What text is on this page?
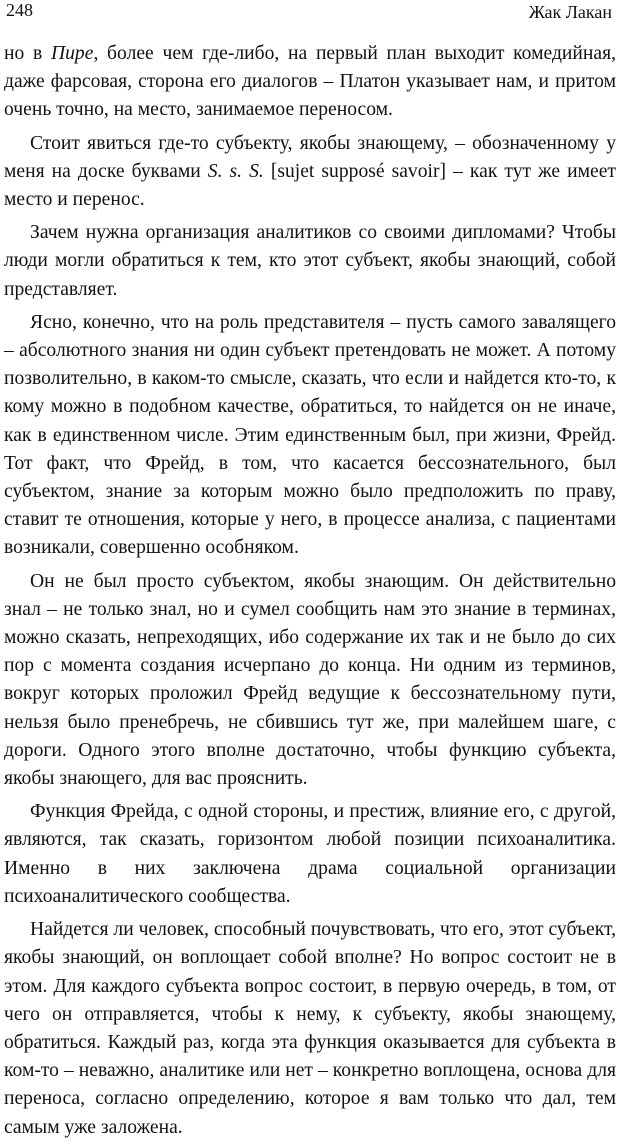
248	Жак Лакан

но в Пире, более чем где-либо, на первый план выходит комедийная, даже фарсовая, сторона его диалогов – Платон указывает нам, и притом очень точно, на место, занимаемое переносом.

Стоит явиться где-то субъекту, якобы знающему, – обозначенному у меня на доске буквами S. s. S. [sujet supposé savoir] – как тут же имеет место и перенос.

Зачем нужна организация аналитиков со своими дипломами? Чтобы люди могли обратиться к тем, кто этот субъект, якобы знающий, собой представляет.

Ясно, конечно, что на роль представителя – пусть самого завалящего – абсолютного знания ни один субъект претендовать не может. А потому позволительно, в каком-то смысле, сказать, что если и найдется кто-то, к кому можно в подобном качестве, обратиться, то найдется он не иначе, как в единственном числе. Этим единственным был, при жизни, Фрейд. Тот факт, что Фрейд, в том, что касается бессознательного, был субъектом, знание за которым можно было предположить по праву, ставит те отношения, которые у него, в процессе анализа, с пациентами возникали, совершенно особняком.

Он не был просто субъектом, якобы знающим. Он действительно знал – не только знал, но и сумел сообщить нам это знание в терминах, можно сказать, непреходящих, ибо содержание их так и не было до сих пор с момента создания исчерпано до конца. Ни одним из терминов, вокруг которых проложил Фрейд ведущие к бессознательному пути, нельзя было пренебречь, не сбившись тут же, при малейшем шаге, с дороги. Одного этого вполне достаточно, чтобы функцию субъекта, якобы знающего, для вас прояснить.

Функция Фрейда, с одной стороны, и престиж, влияние его, с другой, являются, так сказать, горизонтом любой позиции психоаналитика. Именно в них заключена драма социальной организации психоаналитического сообщества.

Найдется ли человек, способный почувствовать, что его, этот субъект, якобы знающий, он воплощает собой вполне? Но вопрос состоит не в этом. Для каждого субъекта вопрос состоит, в первую очередь, в том, от чего он отправляется, чтобы к нему, к субъекту, якобы знающему, обратиться. Каждый раз, когда эта функция оказывается для субъекта в ком-то – неважно, аналитике или нет – конкретно воплощена, основа для переноса, согласно определению, которое я вам только что дал, тем самым уже заложена.
